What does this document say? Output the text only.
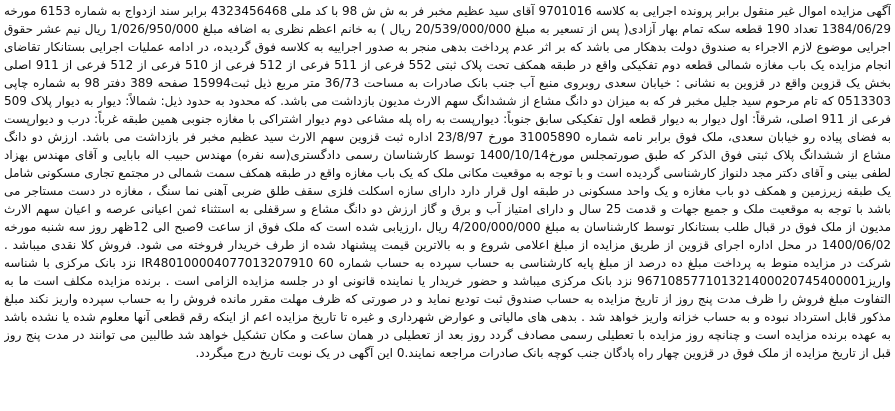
آگهی مزایده اموال غیر منقول برابر پرونده اجرایی به کلاسه 9701016 آقای سید عظیم مخبر فر به ش ش 98 با کد ملی 4323456468 برابر سند ازدواج به شماره 6153 مورخه 1384/06/29 تعداد 190 قطعه سکه تمام بهار آزادی( پس از تسعیر به مبلغ 20/539/000/000 ریال ) به خانم اعظم نظری به اضافه مبلغ 1/026/950/000 ریال نیم عشر حقوق اجرایی موضوع لازم الاجراء به صندوق دولت بدهکار می باشد که بر اثر عدم پرداخت بدهی منجر به صدور اجراییه به کلاسه فوق گردیده، در ادامه عملیات اجرایی بستانکار تقاضای انجام مزایده یک باب مغازه شمالی قطعه دوم تفکیکی واقع در طبقه همکف تحت پلاک ثبتی 552 فرعی از 511 فرعی از 512 فرعی از 510 فرعی از 512 فرعی از 911 اصلی بخش یک قزوین واقع در قزوین به نشانی : خیابان سعدی روبروی منبع آب جنب بانک صادرات به مساحت 36/73 متر مربع ذیل ثبت15994 صفحه 389 دفتر 98 به شماره چاپی 0513303 که تام مرحوم سید جلیل مخبر فر که به میزان دو دانگ مشاع از ششدانگ سهم الارث مدیون بازداشت می باشد. که محدود به حدود ذیل: شمالاً: دیوار به دیوار پلاک 509 فرعی از 911 اصلی، شرقاً: اول دیوار به دیوار قطعه اول تفکیکی سابق جنوباً: دیوارپست به راه پله مشاعی دوم دیوار اشتراکی با مغازه جنوبی همین طبقه غرباً: درب و دیوارپست به فضای پیاده رو خیابان سعدی، ملک فوق برابر نامه شماره 31005890 مورخ 23/8/97 اداره ثبت قزوین سهم الارث سید عظیم مخبر فر بازداشت می باشد. ارزش دو دانگ مشاع از ششدانگ پلاک ثبتی فوق الذکر که طبق صورتمجلس مورخ1400/10/14 توسط کارشناسان رسمی دادگستری(سه نفره) مهندس حبیب اله بابایی و آقای مهندس بهزاد لطفی بینی و آقای دکتر مجد دلنواز کارشناسی گردیده است و با توجه به موقعیت مکانی ملک که یک باب مغازه واقع در طبقه همکف سمت شمالی در مجتمع تجاری مسکونی شامل یک طبقه زیرزمین و همکف دو باب مغازه و یک واحد مسکونی در طبقه اول قرار دارد دارای سازه اسکلت فلزی سقف طلق ضربی آهنی نما سنگ ، مغازه در دست مستاجر می باشد با توجه به موقعیت ملک و جمیع جهات و قدمت 25 سال و دارای امتیاز آب و برق و گاز ارزش دو دانگ مشاع و سرقفلی به استثناء ثمن اعیانی عرصه و اعیان سهم الارث مدیون از ملک فوق در قبال طلب بستانکار توسط کارشناسان به مبلغ 4/200/000/000 ریال ،ارزیابی شده است که ملک فوق از ساعت 9صبح الی 12ظهر روز سه شنبه مورخه 1400/06/02 در محل اداره اجرای قزوین از طریق مزایده از مبلغ اعلامی شروع و به بالاترین قیمت پیشنهاد شده از طرف خریدار فروخته می شود. فروش کلا نقدی میباشد . شرکت در مزایده منوط به پرداخت مبلغ ده درصد از مبلغ پایه کارشناسی به حساب سپرده به حساب شماره IR480100004077013207910 60 نزد بانک مرکزی با شناسه واریز967108577101321400020745400001 نزد بانک مرکزی میباشد و حضور خریدار یا نماینده قانونی او در جلسه مزایده الزامی است . برنده مزایده مکلف است ما به التفاوت مبلغ فروش را ظرف مدت پنج روز از تاریخ مزایده به حساب صندوق ثبت تودیع نماید و در صورتی که ظرف مهلت مقرر مانده فروش را به حساب سپرده واریز نکند مبلغ مذکور قابل استرداد نبوده و به حساب خزانه واریز خواهد شد . بدهی های مالیاتی و عوارض شهرداری و غیره تا تاریخ مزایده اعم از اینکه رقم قطعی آنها معلوم شده یا نشده باشد به عهده برنده مزایده است و چنانچه روز مزایده با تعطیلی رسمی مصادف گردد روز بعد از تعطیلی در همان ساعت و مکان تشکیل خواهد شد طالبین می توانند در مدت پنج روز قبل از تاریخ مزایده از ملک فوق در قزوین چهار راه پادگان جنب کوچه بانک صادرات مراجعه نمایند.0 این آگهی در یک نوبت تاریخ درج میگردد.
